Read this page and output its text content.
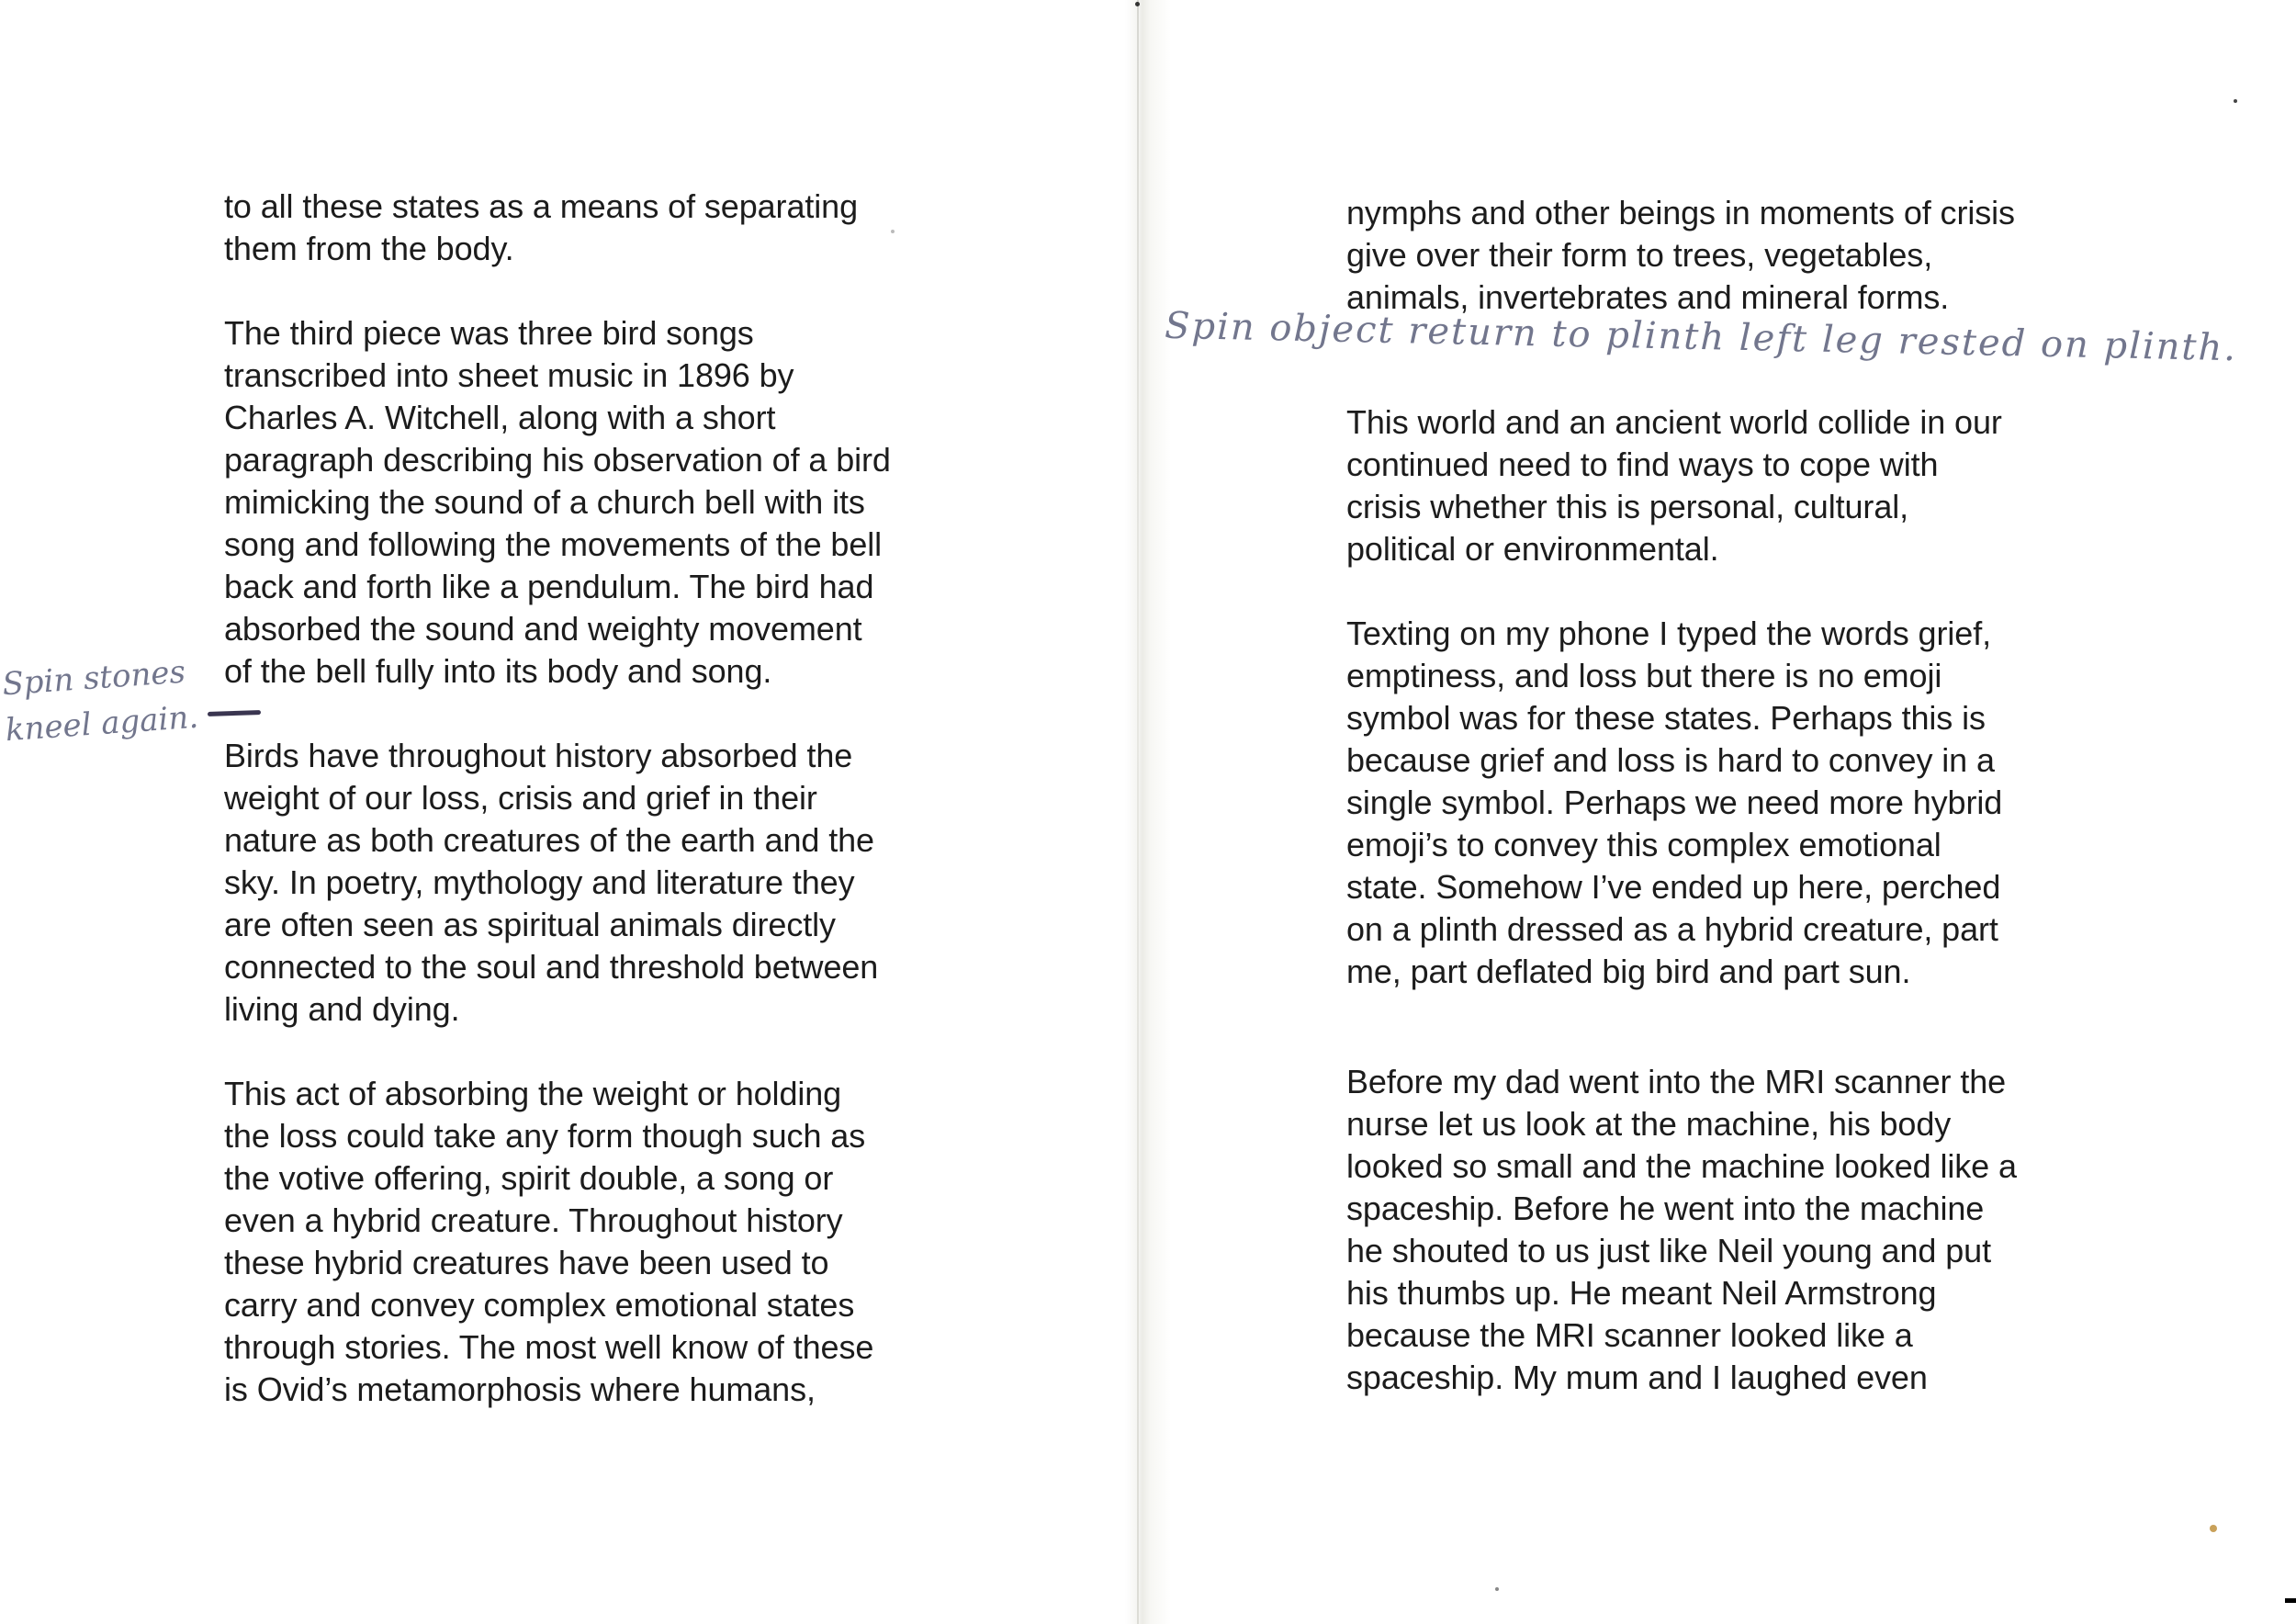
to all these states as a means of separating
them from the body.

The third piece was three bird songs
transcribed into sheet music in 1896 by
Charles A. Witchell, along with a short
paragraph describing his observation of a bird
mimicking the sound of a church bell with its
song and following the movements of the bell
back and forth like a pendulum. The bird had
absorbed the sound and weighty movement
of the bell fully into its body and song.

Birds have throughout history absorbed the
weight of our loss, crisis and grief in their
nature as both creatures of the earth and the
sky. In poetry, mythology and literature they
are often seen as spiritual animals directly
connected to the soul and threshold between
living and dying.

This act of absorbing the weight or holding
the loss could take any form though such as
the votive offering, spirit double, a song or
even a hybrid creature. Throughout history
these hybrid creatures have been used to
carry and convey complex emotional states
through stories. The most well know of these
is Ovid’s metamorphosis where humans,

nymphs and other beings in moments of crisis
give over their form to trees, vegetables,
animals, invertebrates and mineral forms.

This world and an ancient world collide in our
continued need to find ways to cope with
crisis whether this is personal, cultural,
political or environmental.

Texting on my phone I typed the words grief,
emptiness, and loss but there is no emoji
symbol was for these states. Perhaps this is
because grief and loss is hard to convey in a
single symbol. Perhaps we need more hybrid
emoji’s to convey this complex emotional
state. Somehow I’ve ended up here, perched
on a plinth dressed as a hybrid creature, part
me, part deflated big bird and part sun.

Before my dad went into the MRI scanner the
nurse let us look at the machine, his body
looked so small and the machine looked like a
spaceship. Before he went into the machine
he shouted to us just like Neil young and put
his thumbs up. He meant Neil Armstrong
because the MRI scanner looked like a
spaceship. My mum and I laughed even

Spin object return to plinth left leg rested on plinth.
Spin stones
kneel again.
